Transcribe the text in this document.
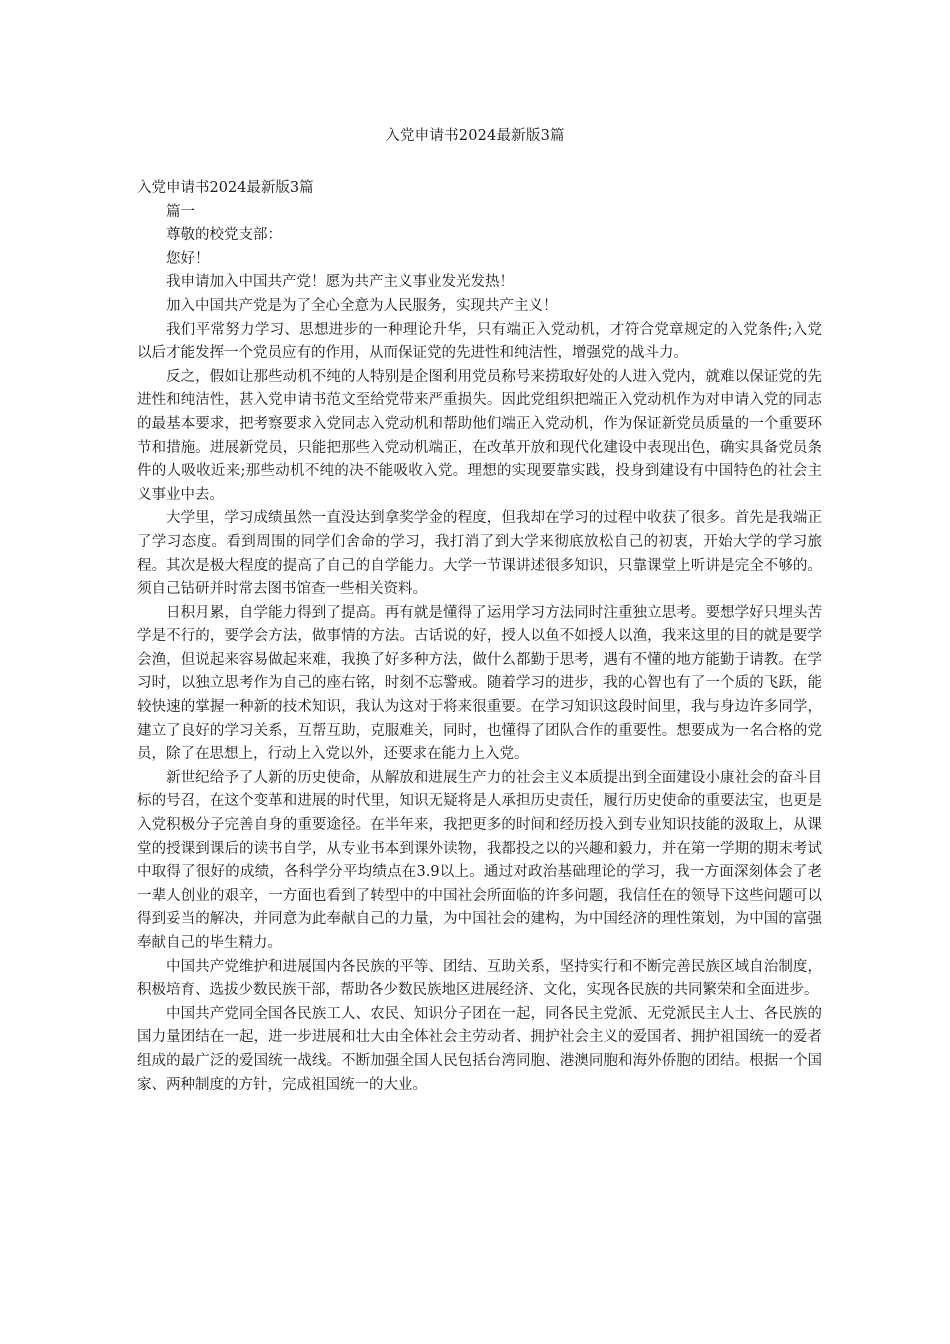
入党申请书2024最新版3篇

入党申请书2024最新版3篇

篇一

尊敬的校党支部：

您好！

我申请加入中国共产党！愿为共产主义事业发光发热！

加入中国共产党是为了全心全意为人民服务，实现共产主义！

我们平常努力学习、思想进步的一种理论升华，只有端正入党动机，才符合党章规定的入党条件;入党以后才能发挥一个党员应有的作用，从而保证党的先进性和纯洁性，增强党的战斗力。

反之，假如让那些动机不纯的人特别是企图利用党员称号来捞取好处的人进入党内，就难以保证党的先进性和纯洁性，甚入党申请书范文至给党带来严重损失。因此党组织把端正入党动机作为对申请入党的同志的最基本要求，把考察要求入党同志入党动机和帮助他们端正入党动机，作为保证新党员质量的一个重要环节和措施。进展新党员，只能把那些入党动机端正，在改革开放和现代化建设中表现出色，确实具备党员条件的人吸收近来;那些动机不纯的决不能吸收入党。理想的实现要靠实践，投身到建设有中国特色的社会主义事业中去。

大学里，学习成绩虽然一直没达到拿奖学金的程度，但我却在学习的过程中收获了很多。首先是我端正了学习态度。看到周围的同学们舍命的学习，我打消了到大学来彻底放松自己的初衷，开始大学的学习旅程。其次是极大程度的提高了自己的自学能力。大学一节课讲述很多知识，只靠课堂上听讲是完全不够的。须自己钻研并时常去图书馆查一些相关资料。

日积月累，自学能力得到了提高。再有就是懂得了运用学习方法同时注重独立思考。要想学好只埋头苦学是不行的，要学会方法，做事情的方法。古话说的好，授人以鱼不如授人以渔，我来这里的目的就是要学会渔，但说起来容易做起来难，我换了好多种方法，做什么都勤于思考，遇有不懂的地方能勤于请教。在学习时，以独立思考作为自己的座右铭，时刻不忘警戒。随着学习的进步，我的心智也有了一个质的飞跃，能较快速的掌握一种新的技术知识，我认为这对于将来很重要。在学习知识这段时间里，我与身边许多同学，建立了良好的学习关系，互帮互助，克服难关，同时，也懂得了团队合作的重要性。想要成为一名合格的党员，除了在思想上，行动上入党以外，还要求在能力上入党。

新世纪给予了人新的历史使命，从解放和进展生产力的社会主义本质提出到全面建设小康社会的奋斗目标的号召，在这个变革和进展的时代里，知识无疑将是人承担历史责任，履行历史使命的重要法宝，也更是入党积极分子完善自身的重要途径。在半年来，我把更多的时间和经历投入到专业知识技能的汲取上，从课堂的授课到课后的读书自学，从专业书本到课外读物，我都投之以的兴趣和毅力，并在第一学期的期末考试中取得了很好的成绩，各科学分平均绩点在3.9以上。通过对政治基础理论的学习，我一方面深刻体会了老一辈人创业的艰辛，一方面也看到了转型中的中国社会所面临的许多问题，我信任在的领导下这些问题可以得到妥当的解决，并同意为此奉献自己的力量，为中国社会的建构，为中国经济的理性策划，为中国的富强奉献自己的毕生精力。

中国共产党维护和进展国内各民族的平等、团结、互助关系，坚持实行和不断完善民族区域自治制度，积极培育、选拔少数民族干部，帮助各少数民族地区进展经济、文化，实现各民族的共同繁荣和全面进步。

中国共产党同全国各民族工人、农民、知识分子团在一起，同各民主党派、无党派民主人士、各民族的国力量团结在一起，进一步进展和壮大由全体社会主劳动者、拥护社会主义的爱国者、拥护祖国统一的爱者组成的最广泛的爱国统一战线。不断加强全国人民包括台湾同胞、港澳同胞和海外侨胞的团结。根据一个国家、两种制度的方针，完成祖国统一的大业。
